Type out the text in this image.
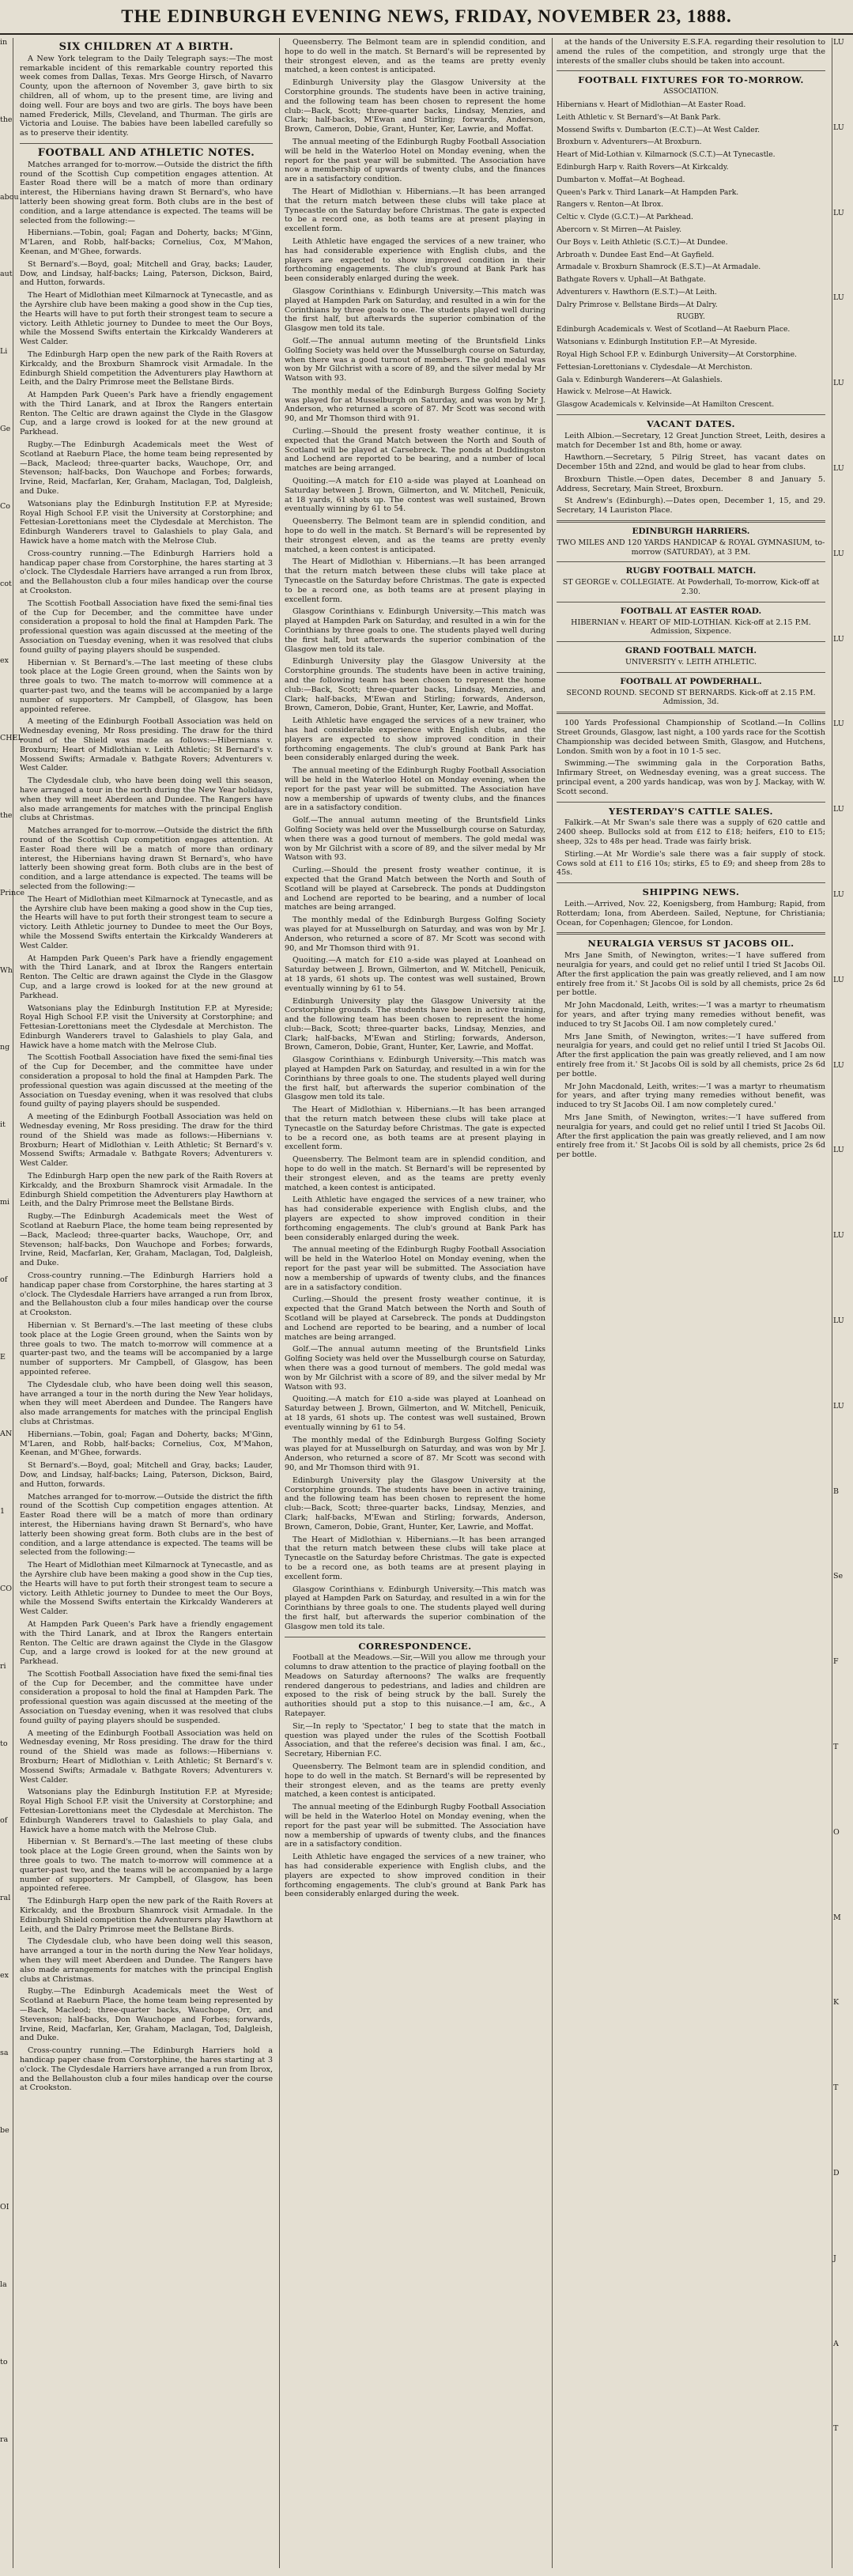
THE EDINBURGH EVENING NEWS, FRIDAY, NOVEMBER 23, 1888.
in
the
abou
aut
Li
Ge
Co
cot
ex
CHEL
the
Prince
Wh
ng
it
mi
of
E
AN
1
CO
ri
to
of
ral
ex
sa
be
OI
la
to
ra
SIX CHILDREN AT A BIRTH.

A New York telegram to the Daily Telegraph says:—The most remarkable incident of this remarkable country reported this week comes from Dallas, Texas. Mrs George Hirsch, of Navarro County, upon the afternoon of November 3, gave birth to six children, all of whom, up to the present time, are living and doing well. Four are boys and two are girls. The boys have been named Frederick, Mills, Cleveland, and Thurman. The girls are Victoria and Louise. The babies have been labelled carefully so as to preserve their identity.

FOOTBALL AND ATHLETIC NOTES.

Matches arranged for to-morrow.—Outside the district the fifth round of the Scottish Cup competition engages attention. At Easter Road there will be a match of more than ordinary interest, the Hibernians having drawn St Bernard's, who have latterly been showing great form. Both clubs are in the best of condition, and a large attendance is expected. The teams will be selected from the following:—

Hibernians.—Tobin, goal; Fagan and Doherty, backs; M'Ginn, M'Laren, and Robb, half-backs; Cornelius, Cox, M'Mahon, Keenan, and M'Ghee, forwards.

St Bernard's.—Boyd, goal; Mitchell and Gray, backs; Lauder, Dow, and Lindsay, half-backs; Laing, Paterson, Dickson, Baird, and Hutton, forwards.

The Heart of Midlothian meet Kilmarnock at Tynecastle, and as the Ayrshire club have been making a good show in the Cup ties, the Hearts will have to put forth their strongest team to secure a victory. Leith Athletic journey to Dundee to meet the Our Boys, while the Mossend Swifts entertain the Kirkcaldy Wanderers at West Calder.

The Edinburgh Harp open the new park of the Raith Rovers at Kirkcaldy, and the Broxburn Shamrock visit Armadale. In the Edinburgh Shield competition the Adventurers play Hawthorn at Leith, and the Dalry Primrose meet the Bellstane Birds.

At Hampden Park Queen's Park have a friendly engagement with the Third Lanark, and at Ibrox the Rangers entertain Renton. The Celtic are drawn against the Clyde in the Glasgow Cup, and a large crowd is looked for at the new ground at Parkhead.

Rugby.—The Edinburgh Academicals meet the West of Scotland at Raeburn Place, the home team being represented by—Back, Macleod; three-quarter backs, Wauchope, Orr, and Stevenson; half-backs, Don Wauchope and Forbes; forwards, Irvine, Reid, Macfarlan, Ker, Graham, Maclagan, Tod, Dalgleish, and Duke.

Watsonians play the Edinburgh Institution F.P. at Myreside; Royal High School F.P. visit the University at Corstorphine; and Fettesian-Lorettonians meet the Clydesdale at Merchiston. The Edinburgh Wanderers travel to Galashiels to play Gala, and Hawick have a home match with the Melrose Club.

Cross-country running.—The Edinburgh Harriers hold a handicap paper chase from Corstorphine, the hares starting at 3 o'clock. The Clydesdale Harriers have arranged a run from Ibrox, and the Bellahouston club a four miles handicap over the course at Crookston.

The Scottish Football Association have fixed the semi-final ties of the Cup for December, and the committee have under consideration a proposal to hold the final at Hampden Park. The professional question was again discussed at the meeting of the Association on Tuesday evening, when it was resolved that clubs found guilty of paying players should be suspended.

Hibernian v. St Bernard's.—The last meeting of these clubs took place at the Logie Green ground, when the Saints won by three goals to two. The match to-morrow will commence at a quarter-past two, and the teams will be accompanied by a large number of supporters. Mr Campbell, of Glasgow, has been appointed referee.

A meeting of the Edinburgh Football Association was held on Wednesday evening, Mr Ross presiding. The draw for the third round of the Shield was made as follows:—Hibernians v. Broxburn; Heart of Midlothian v. Leith Athletic; St Bernard's v. Mossend Swifts; Armadale v. Bathgate Rovers; Adventurers v. West Calder.

The Clydesdale club, who have been doing well this season, have arranged a tour in the north during the New Year holidays, when they will meet Aberdeen and Dundee. The Rangers have also made arrangements for matches with the principal English clubs at Christmas.

Matches arranged for to-morrow.—Outside the district the fifth round of the Scottish Cup competition engages attention. At Easter Road there will be a match of more than ordinary interest, the Hibernians having drawn St Bernard's, who have latterly been showing great form. Both clubs are in the best of condition, and a large attendance is expected. The teams will be selected from the following:—

The Heart of Midlothian meet Kilmarnock at Tynecastle, and as the Ayrshire club have been making a good show in the Cup ties, the Hearts will have to put forth their strongest team to secure a victory. Leith Athletic journey to Dundee to meet the Our Boys, while the Mossend Swifts entertain the Kirkcaldy Wanderers at West Calder.

At Hampden Park Queen's Park have a friendly engagement with the Third Lanark, and at Ibrox the Rangers entertain Renton. The Celtic are drawn against the Clyde in the Glasgow Cup, and a large crowd is looked for at the new ground at Parkhead.

Watsonians play the Edinburgh Institution F.P. at Myreside; Royal High School F.P. visit the University at Corstorphine; and Fettesian-Lorettonians meet the Clydesdale at Merchiston. The Edinburgh Wanderers travel to Galashiels to play Gala, and Hawick have a home match with the Melrose Club.

The Scottish Football Association have fixed the semi-final ties of the Cup for December, and the committee have under consideration a proposal to hold the final at Hampden Park. The professional question was again discussed at the meeting of the Association on Tuesday evening, when it was resolved that clubs found guilty of paying players should be suspended.

A meeting of the Edinburgh Football Association was held on Wednesday evening, Mr Ross presiding. The draw for the third round of the Shield was made as follows:—Hibernians v. Broxburn; Heart of Midlothian v. Leith Athletic; St Bernard's v. Mossend Swifts; Armadale v. Bathgate Rovers; Adventurers v. West Calder.

The Edinburgh Harp open the new park of the Raith Rovers at Kirkcaldy, and the Broxburn Shamrock visit Armadale. In the Edinburgh Shield competition the Adventurers play Hawthorn at Leith, and the Dalry Primrose meet the Bellstane Birds.

Rugby.—The Edinburgh Academicals meet the West of Scotland at Raeburn Place, the home team being represented by—Back, Macleod; three-quarter backs, Wauchope, Orr, and Stevenson; half-backs, Don Wauchope and Forbes; forwards, Irvine, Reid, Macfarlan, Ker, Graham, Maclagan, Tod, Dalgleish, and Duke.

Cross-country running.—The Edinburgh Harriers hold a handicap paper chase from Corstorphine, the hares starting at 3 o'clock. The Clydesdale Harriers have arranged a run from Ibrox, and the Bellahouston club a four miles handicap over the course at Crookston.

Hibernian v. St Bernard's.—The last meeting of these clubs took place at the Logie Green ground, when the Saints won by three goals to two. The match to-morrow will commence at a quarter-past two, and the teams will be accompanied by a large number of supporters. Mr Campbell, of Glasgow, has been appointed referee.

The Clydesdale club, who have been doing well this season, have arranged a tour in the north during the New Year holidays, when they will meet Aberdeen and Dundee. The Rangers have also made arrangements for matches with the principal English clubs at Christmas.

Hibernians.—Tobin, goal; Fagan and Doherty, backs; M'Ginn, M'Laren, and Robb, half-backs; Cornelius, Cox, M'Mahon, Keenan, and M'Ghee, forwards.

St Bernard's.—Boyd, goal; Mitchell and Gray, backs; Lauder, Dow, and Lindsay, half-backs; Laing, Paterson, Dickson, Baird, and Hutton, forwards.

Matches arranged for to-morrow.—Outside the district the fifth round of the Scottish Cup competition engages attention. At Easter Road there will be a match of more than ordinary interest, the Hibernians having drawn St Bernard's, who have latterly been showing great form. Both clubs are in the best of condition, and a large attendance is expected. The teams will be selected from the following:—

The Heart of Midlothian meet Kilmarnock at Tynecastle, and as the Ayrshire club have been making a good show in the Cup ties, the Hearts will have to put forth their strongest team to secure a victory. Leith Athletic journey to Dundee to meet the Our Boys, while the Mossend Swifts entertain the Kirkcaldy Wanderers at West Calder.

At Hampden Park Queen's Park have a friendly engagement with the Third Lanark, and at Ibrox the Rangers entertain Renton. The Celtic are drawn against the Clyde in the Glasgow Cup, and a large crowd is looked for at the new ground at Parkhead.

The Scottish Football Association have fixed the semi-final ties of the Cup for December, and the committee have under consideration a proposal to hold the final at Hampden Park. The professional question was again discussed at the meeting of the Association on Tuesday evening, when it was resolved that clubs found guilty of paying players should be suspended.

A meeting of the Edinburgh Football Association was held on Wednesday evening, Mr Ross presiding. The draw for the third round of the Shield was made as follows:—Hibernians v. Broxburn; Heart of Midlothian v. Leith Athletic; St Bernard's v. Mossend Swifts; Armadale v. Bathgate Rovers; Adventurers v. West Calder.

Watsonians play the Edinburgh Institution F.P. at Myreside; Royal High School F.P. visit the University at Corstorphine; and Fettesian-Lorettonians meet the Clydesdale at Merchiston. The Edinburgh Wanderers travel to Galashiels to play Gala, and Hawick have a home match with the Melrose Club.

Hibernian v. St Bernard's.—The last meeting of these clubs took place at the Logie Green ground, when the Saints won by three goals to two. The match to-morrow will commence at a quarter-past two, and the teams will be accompanied by a large number of supporters. Mr Campbell, of Glasgow, has been appointed referee.

The Edinburgh Harp open the new park of the Raith Rovers at Kirkcaldy, and the Broxburn Shamrock visit Armadale. In the Edinburgh Shield competition the Adventurers play Hawthorn at Leith, and the Dalry Primrose meet the Bellstane Birds.

The Clydesdale club, who have been doing well this season, have arranged a tour in the north during the New Year holidays, when they will meet Aberdeen and Dundee. The Rangers have also made arrangements for matches with the principal English clubs at Christmas.

Rugby.—The Edinburgh Academicals meet the West of Scotland at Raeburn Place, the home team being represented by—Back, Macleod; three-quarter backs, Wauchope, Orr, and Stevenson; half-backs, Don Wauchope and Forbes; forwards, Irvine, Reid, Macfarlan, Ker, Graham, Maclagan, Tod, Dalgleish, and Duke.

Cross-country running.—The Edinburgh Harriers hold a handicap paper chase from Corstorphine, the hares starting at 3 o'clock. The Clydesdale Harriers have arranged a run from Ibrox, and the Bellahouston club a four miles handicap over the course at Crookston.

Queensberry. The Belmont team are in splendid condition, and hope to do well in the match. St Bernard's will be represented by their strongest eleven, and as the teams are pretty evenly matched, a keen contest is anticipated.

Edinburgh University play the Glasgow University at the Corstorphine grounds. The students have been in active training, and the following team has been chosen to represent the home club:—Back, Scott; three-quarter backs, Lindsay, Menzies, and Clark; half-backs, M'Ewan and Stirling; forwards, Anderson, Brown, Cameron, Dobie, Grant, Hunter, Ker, Lawrie, and Moffat.

The annual meeting of the Edinburgh Rugby Football Association will be held in the Waterloo Hotel on Monday evening, when the report for the past year will be submitted. The Association have now a membership of upwards of twenty clubs, and the finances are in a satisfactory condition.

The Heart of Midlothian v. Hibernians.—It has been arranged that the return match between these clubs will take place at Tynecastle on the Saturday before Christmas. The gate is expected to be a record one, as both teams are at present playing in excellent form.

Leith Athletic have engaged the services of a new trainer, who has had considerable experience with English clubs, and the players are expected to show improved condition in their forthcoming engagements. The club's ground at Bank Park has been considerably enlarged during the week.

Glasgow Corinthians v. Edinburgh University.—This match was played at Hampden Park on Saturday, and resulted in a win for the Corinthians by three goals to one. The students played well during the first half, but afterwards the superior combination of the Glasgow men told its tale.

Golf.—The annual autumn meeting of the Bruntsfield Links Golfing Society was held over the Musselburgh course on Saturday, when there was a good turnout of members. The gold medal was won by Mr Gilchrist with a score of 89, and the silver medal by Mr Watson with 93.

The monthly medal of the Edinburgh Burgess Golfing Society was played for at Musselburgh on Saturday, and was won by Mr J. Anderson, who returned a score of 87. Mr Scott was second with 90, and Mr Thomson third with 91.

Curling.—Should the present frosty weather continue, it is expected that the Grand Match between the North and South of Scotland will be played at Carsebreck. The ponds at Duddingston and Lochend are reported to be bearing, and a number of local matches are being arranged.

Quoiting.—A match for £10 a-side was played at Loanhead on Saturday between J. Brown, Gilmerton, and W. Mitchell, Penicuik, at 18 yards, 61 shots up. The contest was well sustained, Brown eventually winning by 61 to 54.

Queensberry. The Belmont team are in splendid condition, and hope to do well in the match. St Bernard's will be represented by their strongest eleven, and as the teams are pretty evenly matched, a keen contest is anticipated.

The Heart of Midlothian v. Hibernians.—It has been arranged that the return match between these clubs will take place at Tynecastle on the Saturday before Christmas. The gate is expected to be a record one, as both teams are at present playing in excellent form.

Glasgow Corinthians v. Edinburgh University.—This match was played at Hampden Park on Saturday, and resulted in a win for the Corinthians by three goals to one. The students played well during the first half, but afterwards the superior combination of the Glasgow men told its tale.

Edinburgh University play the Glasgow University at the Corstorphine grounds. The students have been in active training, and the following team has been chosen to represent the home club:—Back, Scott; three-quarter backs, Lindsay, Menzies, and Clark; half-backs, M'Ewan and Stirling; forwards, Anderson, Brown, Cameron, Dobie, Grant, Hunter, Ker, Lawrie, and Moffat.

Leith Athletic have engaged the services of a new trainer, who has had considerable experience with English clubs, and the players are expected to show improved condition in their forthcoming engagements. The club's ground at Bank Park has been considerably enlarged during the week.

The annual meeting of the Edinburgh Rugby Football Association will be held in the Waterloo Hotel on Monday evening, when the report for the past year will be submitted. The Association have now a membership of upwards of twenty clubs, and the finances are in a satisfactory condition.

Golf.—The annual autumn meeting of the Bruntsfield Links Golfing Society was held over the Musselburgh course on Saturday, when there was a good turnout of members. The gold medal was won by Mr Gilchrist with a score of 89, and the silver medal by Mr Watson with 93.

Curling.—Should the present frosty weather continue, it is expected that the Grand Match between the North and South of Scotland will be played at Carsebreck. The ponds at Duddingston and Lochend are reported to be bearing, and a number of local matches are being arranged.

The monthly medal of the Edinburgh Burgess Golfing Society was played for at Musselburgh on Saturday, and was won by Mr J. Anderson, who returned a score of 87. Mr Scott was second with 90, and Mr Thomson third with 91.

Quoiting.—A match for £10 a-side was played at Loanhead on Saturday between J. Brown, Gilmerton, and W. Mitchell, Penicuik, at 18 yards, 61 shots up. The contest was well sustained, Brown eventually winning by 61 to 54.

Edinburgh University play the Glasgow University at the Corstorphine grounds. The students have been in active training, and the following team has been chosen to represent the home club:—Back, Scott; three-quarter backs, Lindsay, Menzies, and Clark; half-backs, M'Ewan and Stirling; forwards, Anderson, Brown, Cameron, Dobie, Grant, Hunter, Ker, Lawrie, and Moffat.

Glasgow Corinthians v. Edinburgh University.—This match was played at Hampden Park on Saturday, and resulted in a win for the Corinthians by three goals to one. The students played well during the first half, but afterwards the superior combination of the Glasgow men told its tale.

The Heart of Midlothian v. Hibernians.—It has been arranged that the return match between these clubs will take place at Tynecastle on the Saturday before Christmas. The gate is expected to be a record one, as both teams are at present playing in excellent form.

Queensberry. The Belmont team are in splendid condition, and hope to do well in the match. St Bernard's will be represented by their strongest eleven, and as the teams are pretty evenly matched, a keen contest is anticipated.

Leith Athletic have engaged the services of a new trainer, who has had considerable experience with English clubs, and the players are expected to show improved condition in their forthcoming engagements. The club's ground at Bank Park has been considerably enlarged during the week.

The annual meeting of the Edinburgh Rugby Football Association will be held in the Waterloo Hotel on Monday evening, when the report for the past year will be submitted. The Association have now a membership of upwards of twenty clubs, and the finances are in a satisfactory condition.

Curling.—Should the present frosty weather continue, it is expected that the Grand Match between the North and South of Scotland will be played at Carsebreck. The ponds at Duddingston and Lochend are reported to be bearing, and a number of local matches are being arranged.

Golf.—The annual autumn meeting of the Bruntsfield Links Golfing Society was held over the Musselburgh course on Saturday, when there was a good turnout of members. The gold medal was won by Mr Gilchrist with a score of 89, and the silver medal by Mr Watson with 93.

Quoiting.—A match for £10 a-side was played at Loanhead on Saturday between J. Brown, Gilmerton, and W. Mitchell, Penicuik, at 18 yards, 61 shots up. The contest was well sustained, Brown eventually winning by 61 to 54.

The monthly medal of the Edinburgh Burgess Golfing Society was played for at Musselburgh on Saturday, and was won by Mr J. Anderson, who returned a score of 87. Mr Scott was second with 90, and Mr Thomson third with 91.

Edinburgh University play the Glasgow University at the Corstorphine grounds. The students have been in active training, and the following team has been chosen to represent the home club:—Back, Scott; three-quarter backs, Lindsay, Menzies, and Clark; half-backs, M'Ewan and Stirling; forwards, Anderson, Brown, Cameron, Dobie, Grant, Hunter, Ker, Lawrie, and Moffat.

The Heart of Midlothian v. Hibernians.—It has been arranged that the return match between these clubs will take place at Tynecastle on the Saturday before Christmas. The gate is expected to be a record one, as both teams are at present playing in excellent form.

Glasgow Corinthians v. Edinburgh University.—This match was played at Hampden Park on Saturday, and resulted in a win for the Corinthians by three goals to one. The students played well during the first half, but afterwards the superior combination of the Glasgow men told its tale.

CORRESPONDENCE.

Football at the Meadows.—Sir,—Will you allow me through your columns to draw attention to the practice of playing football on the Meadows on Saturday afternoons? The walks are frequently rendered dangerous to pedestrians, and ladies and children are exposed to the risk of being struck by the ball. Surely the authorities should put a stop to this nuisance.—I am, &c., A Ratepayer.

Sir,—In reply to 'Spectator,' I beg to state that the match in question was played under the rules of the Scottish Football Association, and that the referee's decision was final. I am, &c., Secretary, Hibernian F.C.

Queensberry. The Belmont team are in splendid condition, and hope to do well in the match. St Bernard's will be represented by their strongest eleven, and as the teams are pretty evenly matched, a keen contest is anticipated.

The annual meeting of the Edinburgh Rugby Football Association will be held in the Waterloo Hotel on Monday evening, when the report for the past year will be submitted. The Association have now a membership of upwards of twenty clubs, and the finances are in a satisfactory condition.

Leith Athletic have engaged the services of a new trainer, who has had considerable experience with English clubs, and the players are expected to show improved condition in their forthcoming engagements. The club's ground at Bank Park has been considerably enlarged during the week.

at the hands of the University E.S.F.A. regarding their resolution to amend the rules of the competition, and strongly urge that the interests of the smaller clubs should be taken into account.

FOOTBALL FIXTURES FOR TO-MORROW.
ASSOCIATION.

Hibernians v. Heart of Midlothian—At Easter Road.

Leith Athletic v. St Bernard's—At Bank Park.

Mossend Swifts v. Dumbarton (E.C.T.)—At West Calder.

Broxburn v. Adventurers—At Broxburn.

Heart of Mid-Lothian v. Kilmarnock (S.C.T.)—At Tynecastle.

Edinburgh Harp v. Raith Rovers—At Kirkcaldy.

Dumbarton v. Moffat—At Boghead.

Queen's Park v. Third Lanark—At Hampden Park.

Rangers v. Renton—At Ibrox.

Celtic v. Clyde (G.C.T.)—At Parkhead.

Abercorn v. St Mirren—At Paisley.

Our Boys v. Leith Athletic (S.C.T.)—At Dundee.

Arbroath v. Dundee East End—At Gayfield.

Armadale v. Broxburn Shamrock (E.S.T.)—At Armadale.

Bathgate Rovers v. Uphall—At Bathgate.

Adventurers v. Hawthorn (E.S.T.)—At Leith.

Dalry Primrose v. Bellstane Birds—At Dalry.

RUGBY.

Edinburgh Academicals v. West of Scotland—At Raeburn Place.

Watsonians v. Edinburgh Institution F.P.—At Myreside.

Royal High School F.P. v. Edinburgh University—At Corstorphine.

Fettesian-Lorettonians v. Clydesdale—At Merchiston.

Gala v. Edinburgh Wanderers—At Galashiels.

Hawick v. Melrose—At Hawick.

Glasgow Academicals v. Kelvinside—At Hamilton Crescent.

VACANT DATES.

Leith Albion.—Secretary, 12 Great Junction Street, Leith, desires a match for December 1st and 8th, home or away.

Hawthorn.—Secretary, 5 Pilrig Street, has vacant dates on December 15th and 22nd, and would be glad to hear from clubs.

Broxburn Thistle.—Open dates, December 8 and January 5. Address, Secretary, Main Street, Broxburn.

St Andrew's (Edinburgh).—Dates open, December 1, 15, and 29. Secretary, 14 Lauriston Place.

EDINBURGH HARRIERS.
TWO MILES AND 120 YARDS HANDICAP & ROYAL GYMNASIUM, to-morrow (SATURDAY), at 3 P.M.
RUGBY FOOTBALL MATCH.
ST GEORGE v. COLLEGIATE. At Powderhall, To-morrow, Kick-off at 2.30.
FOOTBALL AT EASTER ROAD.
HIBERNIAN v. HEART OF MID-LOTHIAN. Kick-off at 2.15 P.M. Admission, Sixpence.
GRAND FOOTBALL MATCH.
UNIVERSITY v. LEITH ATHLETIC.
FOOTBALL AT POWDERHALL.
SECOND ROUND. SECOND ST BERNARDS. Kick-off at 2.15 P.M. Admission, 3d.

100 Yards Professional Championship of Scotland.—In Collins Street Grounds, Glasgow, last night, a 100 yards race for the Scottish Championship was decided between Smith, Glasgow, and Hutchens, London. Smith won by a foot in 10 1-5 sec.

Swimming.—The swimming gala in the Corporation Baths, Infirmary Street, on Wednesday evening, was a great success. The principal event, a 200 yards handicap, was won by J. Mackay, with W. Scott second.

YESTERDAY'S CATTLE SALES.

Falkirk.—At Mr Swan's sale there was a supply of 620 cattle and 2400 sheep. Bullocks sold at from £12 to £18; heifers, £10 to £15; sheep, 32s to 48s per head. Trade was fairly brisk.

Stirling.—At Mr Wordie's sale there was a fair supply of stock. Cows sold at £11 to £16 10s; stirks, £5 to £9; and sheep from 28s to 45s.

SHIPPING NEWS.

Leith.—Arrived, Nov. 22, Koenigsberg, from Hamburg; Rapid, from Rotterdam; Iona, from Aberdeen. Sailed, Neptune, for Christiania; Ocean, for Copenhagen; Glencoe, for London.

NEURALGIA VERSUS ST JACOBS OIL.

Mrs Jane Smith, of Newington, writes:—'I have suffered from neuralgia for years, and could get no relief until I tried St Jacobs Oil. After the first application the pain was greatly relieved, and I am now entirely free from it.' St Jacobs Oil is sold by all chemists, price 2s 6d per bottle.

Mr John Macdonald, Leith, writes:—'I was a martyr to rheumatism for years, and after trying many remedies without benefit, was induced to try St Jacobs Oil. I am now completely cured.'

Mrs Jane Smith, of Newington, writes:—'I have suffered from neuralgia for years, and could get no relief until I tried St Jacobs Oil. After the first application the pain was greatly relieved, and I am now entirely free from it.' St Jacobs Oil is sold by all chemists, price 2s 6d per bottle.

Mr John Macdonald, Leith, writes:—'I was a martyr to rheumatism for years, and after trying many remedies without benefit, was induced to try St Jacobs Oil. I am now completely cured.'

Mrs Jane Smith, of Newington, writes:—'I have suffered from neuralgia for years, and could get no relief until I tried St Jacobs Oil. After the first application the pain was greatly relieved, and I am now entirely free from it.' St Jacobs Oil is sold by all chemists, price 2s 6d per bottle.

LU
LU
LU
LU
LU
LU
LU
LU
LU
LU
LU
LU
LU
LU
LU
LU
LU
B
Se
F
T
O
M
K
T
D
J
A
T
